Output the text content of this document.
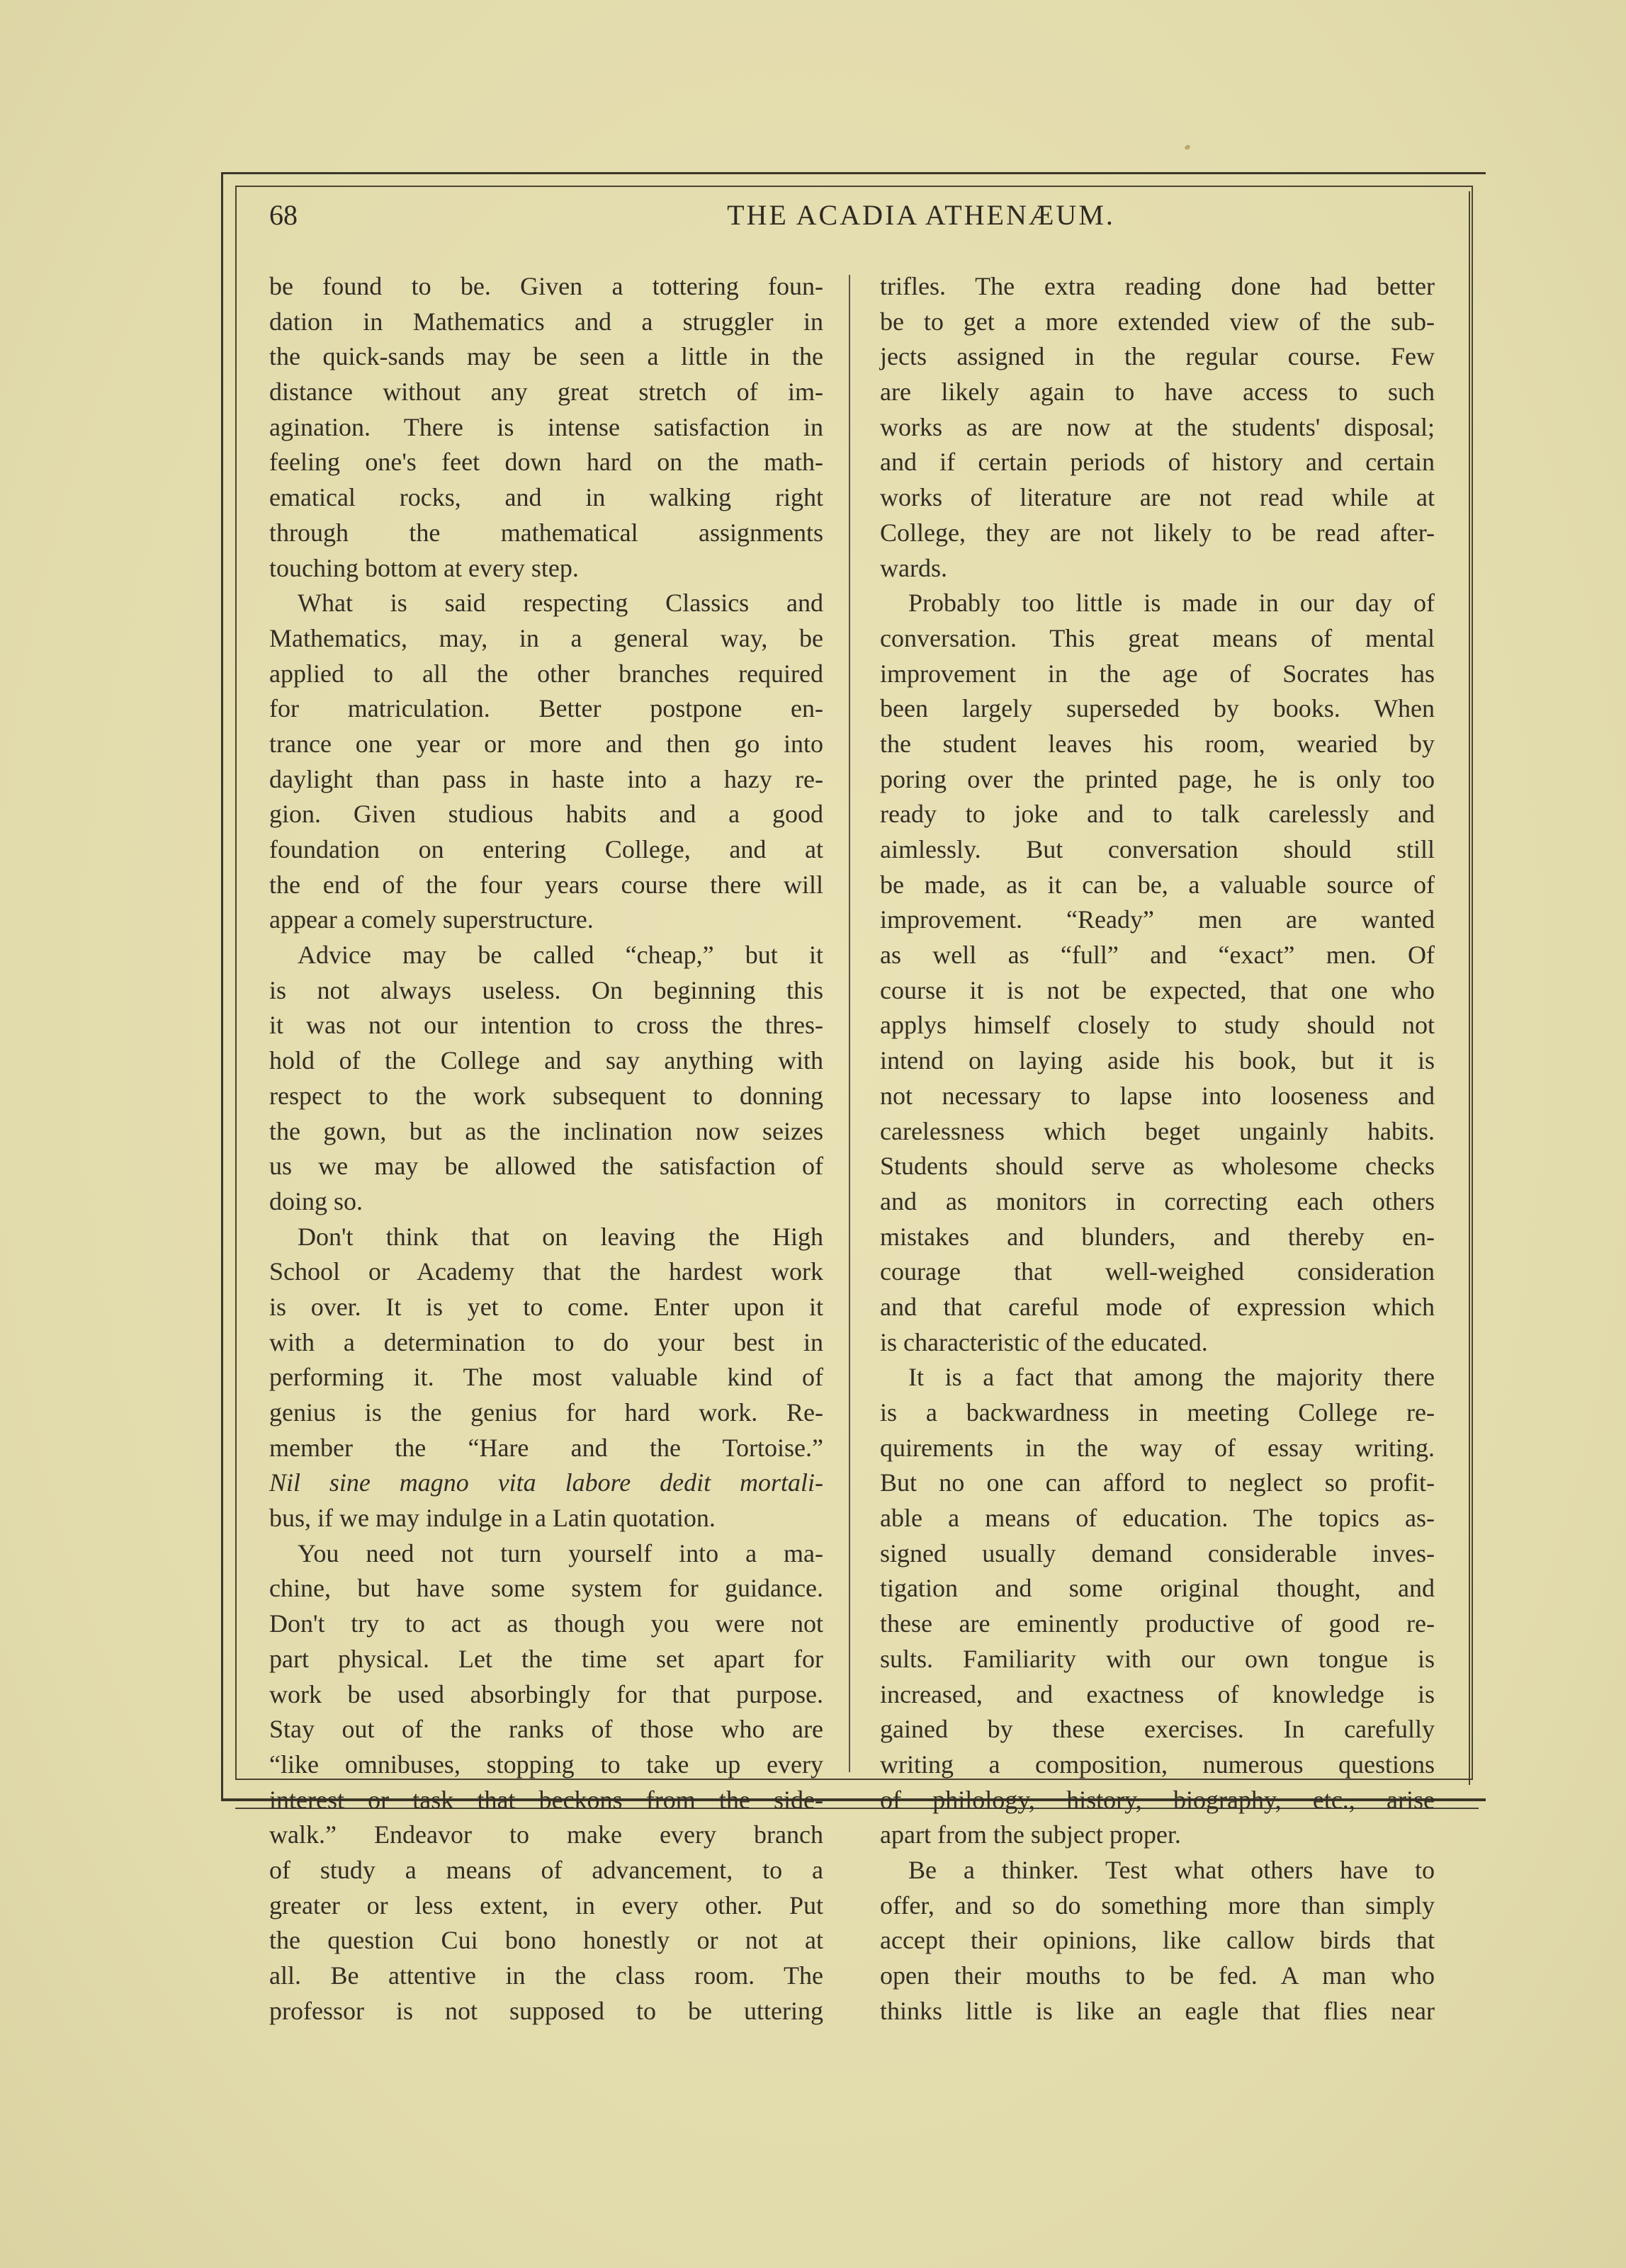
68	THE ACADIA ATHENÆUM.
be found to be. Given a tottering foun-
dation in Mathematics and a struggler in
the quick-sands may be seen a little in the
distance without any great stretch of im-
agination. There is intense satisfaction in
feeling one's feet down hard on the math-
ematical rocks, and in walking right
through the mathematical assignments
touching bottom at every step.
What is said respecting Classics and
Mathematics, may, in a general way, be
applied to all the other branches required
for matriculation. Better postpone en-
trance one year or more and then go into
daylight than pass in haste into a hazy re-
gion. Given studious habits and a good
foundation on entering College, and at
the end of the four years course there will
appear a comely superstructure.
Advice may be called “cheap,” but it
is not always useless. On beginning this
it was not our intention to cross the thres-
hold of the College and say anything with
respect to the work subsequent to donning
the gown, but as the inclination now seizes
us we may be allowed the satisfaction of
doing so.
Don't think that on leaving the High
School or Academy that the hardest work
is over. It is yet to come. Enter upon it
with a determination to do your best in
performing it. The most valuable kind of
genius is the genius for hard work. Re-
member the “Hare and the Tortoise.”
Nil sine magno vita labore dedit mortali-
bus, if we may indulge in a Latin quotation.
You need not turn yourself into a ma-
chine, but have some system for guidance.
Don't try to act as though you were not
part physical. Let the time set apart for
work be used absorbingly for that purpose.
Stay out of the ranks of those who are
“like omnibuses, stopping to take up every
interest or task that beckons from the side-
walk.” Endeavor to make every branch
of study a means of advancement, to a
greater or less extent, in every other. Put
the question Cui bono honestly or not at
all. Be attentive in the class room. The
professor is not supposed to be uttering
trifles. The extra reading done had better
be to get a more extended view of the sub-
jects assigned in the regular course. Few
are likely again to have access to such
works as are now at the students' disposal;
and if certain periods of history and certain
works of literature are not read while at
College, they are not likely to be read after-
wards.
Probably too little is made in our day of
conversation. This great means of mental
improvement in the age of Socrates has
been largely superseded by books. When
the student leaves his room, wearied by
poring over the printed page, he is only too
ready to joke and to talk carelessly and
aimlessly. But conversation should still
be made, as it can be, a valuable source of
improvement. “Ready” men are wanted
as well as “full” and “exact” men. Of
course it is not be expected, that one who
applys himself closely to study should not
intend on laying aside his book, but it is
not necessary to lapse into looseness and
carelessness which beget ungainly habits.
Students should serve as wholesome checks
and as monitors in correcting each others
mistakes and blunders, and thereby en-
courage that well-weighed consideration
and that careful mode of expression which
is characteristic of the educated.
It is a fact that among the majority there
is a backwardness in meeting College re-
quirements in the way of essay writing.
But no one can afford to neglect so profit-
able a means of education. The topics as-
signed usually demand considerable inves-
tigation and some original thought, and
these are eminently productive of good re-
sults. Familiarity with our own tongue is
increased, and exactness of knowledge is
gained by these exercises. In carefully
writing a composition, numerous questions
of philology, history, biography, etc., arise
apart from the subject proper.
Be a thinker. Test what others have to
offer, and so do something more than simply
accept their opinions, like callow birds that
open their mouths to be fed. A man who
thinks little is like an eagle that flies near
